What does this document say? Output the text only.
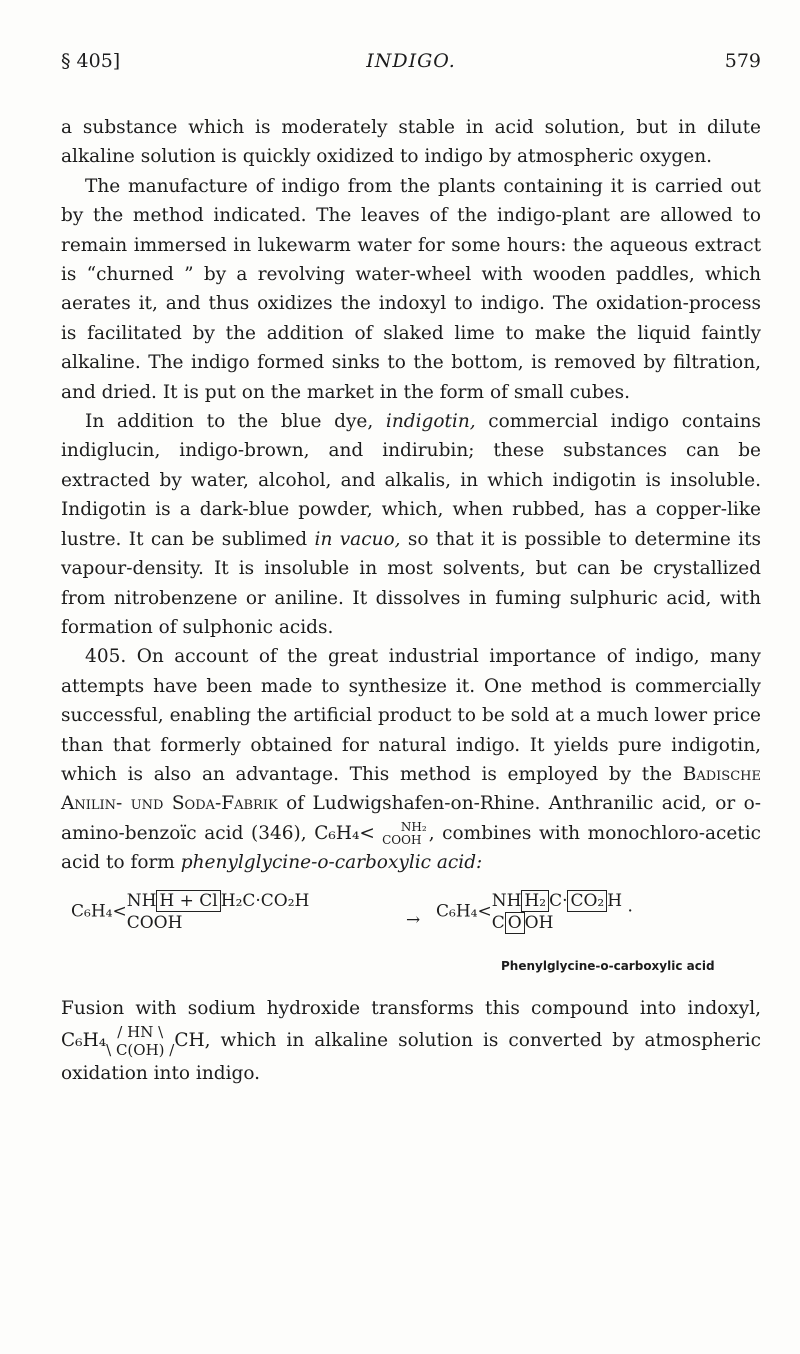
§ 405]	INDIGO.	579

a substance which is moderately stable in acid solution, but in dilute alkaline solution is quickly oxidized to indigo by atmospheric oxygen.

The manufacture of indigo from the plants containing it is carried out by the method indicated. The leaves of the indigo-plant are allowed to remain immersed in lukewarm water for some hours: the aqueous extract is “churned ” by a revolving water-wheel with wooden paddles, which aerates it, and thus oxidizes the indoxyl to indigo. The oxidation-process is facilitated by the addition of slaked lime to make the liquid faintly alkaline. The indigo formed sinks to the bottom, is removed by filtration, and dried. It is put on the market in the form of small cubes.

In addition to the blue dye, indigotin, commercial indigo contains indiglucin, indigo-brown, and indirubin; these substances can be extracted by water, alcohol, and alkalis, in which indigotin is insoluble. Indigotin is a dark-blue powder, which, when rubbed, has a copper-like lustre. It can be sublimed in vacuo, so that it is possible to determine its vapour-density. It is insoluble in most solvents, but can be crystallized from nitrobenzene or aniline. It dissolves in fuming sulphuric acid, with formation of sulphonic acids.

405. On account of the great industrial importance of indigo, many attempts have been made to synthesize it. One method is commercially successful, enabling the artificial product to be sold at a much lower price than that formerly obtained for natural indigo. It yields pure indigotin, which is also an advantage. This method is employed by the Badische Anilin- und Soda-Fabrik of Ludwigshafen-on-Rhine. Anthranilic acid, or o-amino-benzoïc acid (346), C₆H₄< NH₂
COOH , combines with monochloro-acetic acid to form phenylglycine-o-carboxylic acid:

C₆H₄<NH H + Cl H₂C·CO₂H
COOH	→ C₆H₄<NH H₂ C· CO₂ H
C O OH ·
Phenylglycine-o-carboxylic acid

Fusion with sodium hydroxide transforms this compound into indoxyl, C₆H₄ / HN \
\ C(OH) /CH, which in alkaline solution is converted by atmospheric oxidation into indigo.
